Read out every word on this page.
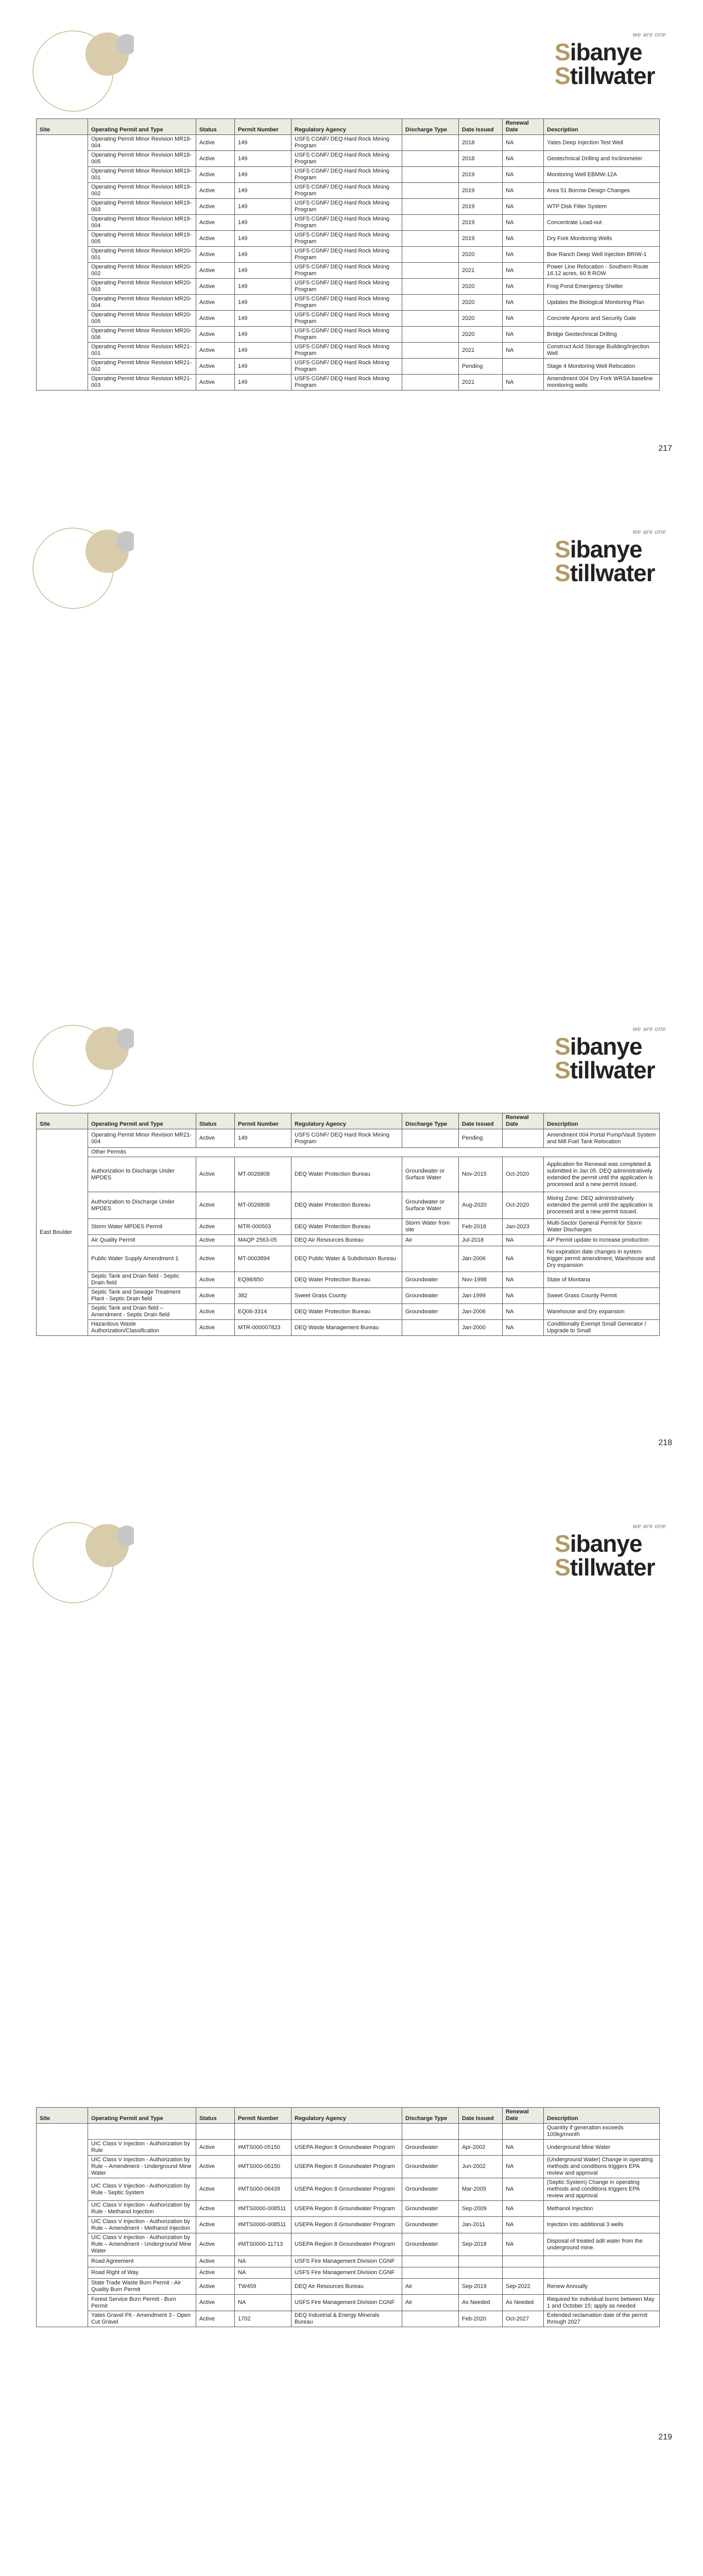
we are one
Sibanye
Stillwater
Site	Operating Permit and Type	Status	Permit Number	Regulatory Agency	Discharge Type	Date Issued	Renewal Date	Description
	Operating Permit Minor Revision MR18-004	Active	149	USFS CGNF/ DEQ Hard Rock Mining Program		2018	NA	Yates Deep Injection Test Well
	Operating Permit Minor Revision MR18-005	Active	149	USFS CGNF/ DEQ Hard Rock Mining Program		2018	NA	Geotechnical Drilling and Inclinometer
	Operating Permit Minor Revision MR19-001	Active	149	USFS CGNF/ DEQ Hard Rock Mining Program		2019	NA	Monitoring Well EBMW-12A
	Operating Permit Minor Revision MR19-002	Active	149	USFS CGNF/ DEQ Hard Rock Mining Program		2019	NA	Area 51 Borrow Design Changes
	Operating Permit Minor Revision MR19-003	Active	149	USFS CGNF/ DEQ Hard Rock Mining Program		2019	NA	WTP Disk Filter System
	Operating Permit Minor Revision MR19-004	Active	149	USFS CGNF/ DEQ Hard Rock Mining Program		2019	NA	Concentrate Load-out
	Operating Permit Minor Revision MR19-005	Active	149	USFS CGNF/ DEQ Hard Rock Mining Program		2019	NA	Dry Fork Monitoring Wells
	Operating Permit Minor Revision MR20-001	Active	149	USFS CGNF/ DEQ Hard Rock Mining Program		2020	NA	Boe Ranch Deep Well Injection BRIW-1
	Operating Permit Minor Revision MR20-002	Active	149	USFS CGNF/ DEQ Hard Rock Mining Program		2021	NA	Power Line Relocation - Southern Route 16.12 acres, 60 ft ROW
	Operating Permit Minor Revision MR20-003	Active	149	USFS CGNF/ DEQ Hard Rock Mining Program		2020	NA	Frog Pond Emergency Shelter
	Operating Permit Minor Revision MR20-004	Active	149	USFS CGNF/ DEQ Hard Rock Mining Program		2020	NA	Updates the Biological Monitoring Plan
	Operating Permit Minor Revision MR20-005	Active	149	USFS CGNF/ DEQ Hard Rock Mining Program		2020	NA	Concrete Aprons and Security Gate
	Operating Permit Minor Revision MR20-006	Active	149	USFS CGNF/ DEQ Hard Rock Mining Program		2020	NA	Bridge Geotechnical Drilling
	Operating Permit Minor Revision MR21-001	Active	149	USFS CGNF/ DEQ Hard Rock Mining Program		2021	NA	Construct Acid Storage Building/Injection Well
	Operating Permit Minor Revision MR21-002	Active	149	USFS CGNF/ DEQ Hard Rock Mining Program		Pending		Stage 4 Monitoring Well Relocation
	Operating Permit Minor Revision MR21-003	Active	149	USFS CGNF/ DEQ Hard Rock Mining Program		2021	NA	Amendment 004 Dry Fork WRSA baseline monitoring wells
217
we are one
Sibanye
Stillwater
Site	Operating Permit and Type	Status	Permit Number	Regulatory Agency	Discharge Type	Date Issued	Renewal Date	Description
East Boulder	Operating Permit Minor Revision MR21-004	Active	149	USFS CGNF/ DEQ Hard Rock Mining Program		Pending		Amendment 004 Portal Pump/Vault System and Mill Fuel Tank Relocation
	Other Permits							
	Authorization to Discharge Under MPDES	Active	MT-0026808	DEQ Water Protection Bureau	Groundwater or Surface Water	Nov-2015	Oct-2020	Application for Renewal was completed & submitted in Jan 05. DEQ administratively extended the permit until the application is processed and a new permit issued.
	Authorization to Discharge Under MPDES	Active	MT-0026808	DEQ Water Protection Bureau	Groundwater or Surface Water	Aug-2020	Oct-2020	Mixing Zone: DEQ administratively extended the permit until the application is processed and a new permit issued.
	Storm Water MPDES Permit	Active	MTR-000503	DEQ Water Protection Bureau	Storm Water from site	Feb-2018	Jan-2023	Multi-Sector General Permit for Storm Water Discharges
	Air Quality Permit	Active	MAQP 2563-05	DEQ Air Resources Bureau	Air	Jul-2018	NA	AP Permit update to increase production
	Public Water Supply Amendment 1	Active	MT-0003894	DEQ Public Water & Subdivision Bureau		Jan-2006	NA	No expiration date changes in system trigger permit amendment, Warehouse and Dry expansion
	Septic Tank and Drain field - Septic Drain field	Active	EQ98/850	DEQ Water Protection Bureau	Groundwater	Nov-1998	NA	State of Montana
	Septic Tank and Sewage Treatment Plant - Septic Drain field	Active	382	Sweet Grass County	Groundwater	Jan-1999	NA	Sweet Grass County Permit
	Septic Tank and Drain field – Amendment - Septic Drain field	Active	EQ06-3314	DEQ Water Protection Bureau	Groundwater	Jan-2006	NA	Warehouse and Dry expansion
	Hazardous Waste Authorization/Classification	Active	MTR-000007823	DEQ Waste Management Bureau		Jan-2000	NA	Conditionally Exempt Small Generator / Upgrade to Small
218
we are one
Sibanye
Stillwater
Site	Operating Permit and Type	Status	Permit Number	Regulatory Agency	Discharge Type	Date Issued	Renewal Date	Description
								Quantity if generation exceeds 100kg/month
	UIC Class V Injection - Authorization by Rule	Active	#MTS000-05150	USEPA Region 8 Groundwater Program	Groundwater	Apr-2002	NA	Underground Mine Water
	UIC Class V Injection - Authorization by Rule – Amendment - Underground Mine Water	Active	#MTS000-05150	USEPA Region 8 Groundwater Program	Groundwater	Jun-2002	NA	(Underground Water) Change in operating methods and conditions triggers EPA review and approval
	UIC Class V Injection - Authorization by Rule - Septic System	Active	#MTS000-06439	USEPA Region 8 Groundwater Program	Groundwater	Mar-2005	NA	(Septic System) Change in operating methods and conditions triggers EPA review and approval
	UIC Class V Injection - Authorization by Rule - Methanol Injection	Active	#MTS0000-008511	USEPA Region 8 Groundwater Program	Groundwater	Sep-2009	NA	Methanol Injection
	UIC Class V Injection - Authorization by Rule – Amendment - Methanol Injection	Active	#MTS0000-008511	USEPA Region 8 Groundwater Program	Groundwater	Jan-2011	NA	Injection into additional 3 wells
	UIC Class V Injection - Authorization by Rule – Amendment - Underground Mine Water	Active	#MTS0000-11713	USEPA Region 8 Groundwater Program	Groundwater	Sep-2018	NA	Disposal of treated adit water from the underground mine.
	Road Agreement	Active	NA	USFS Fire Management Division CGNF				
	Road Right of Way	Active	NA	USFS Fire Management Division CGNF				
	State Trade Waste Burn Permit - Air Quality Burn Permit	Active	TW459	DEQ Air Resources Bureau	Air	Sep-2019	Sep-2022	Renew Annually
	Forest Service Burn Permit - Burn Permit	Active	NA	USFS Fire Management Division CGNF	Air	As Needed	As Needed	Required for individual burns between May 1 and October 15; apply as needed
	Yates Gravel Pit - Amendment 3 - Open Cut Gravel	Active	1702	DEQ Industrial & Energy Minerals Bureau		Feb-2020	Oct-2027	Extended reclamation date of the permit through 2027
219
we are one
Sibanye
Stillwater
